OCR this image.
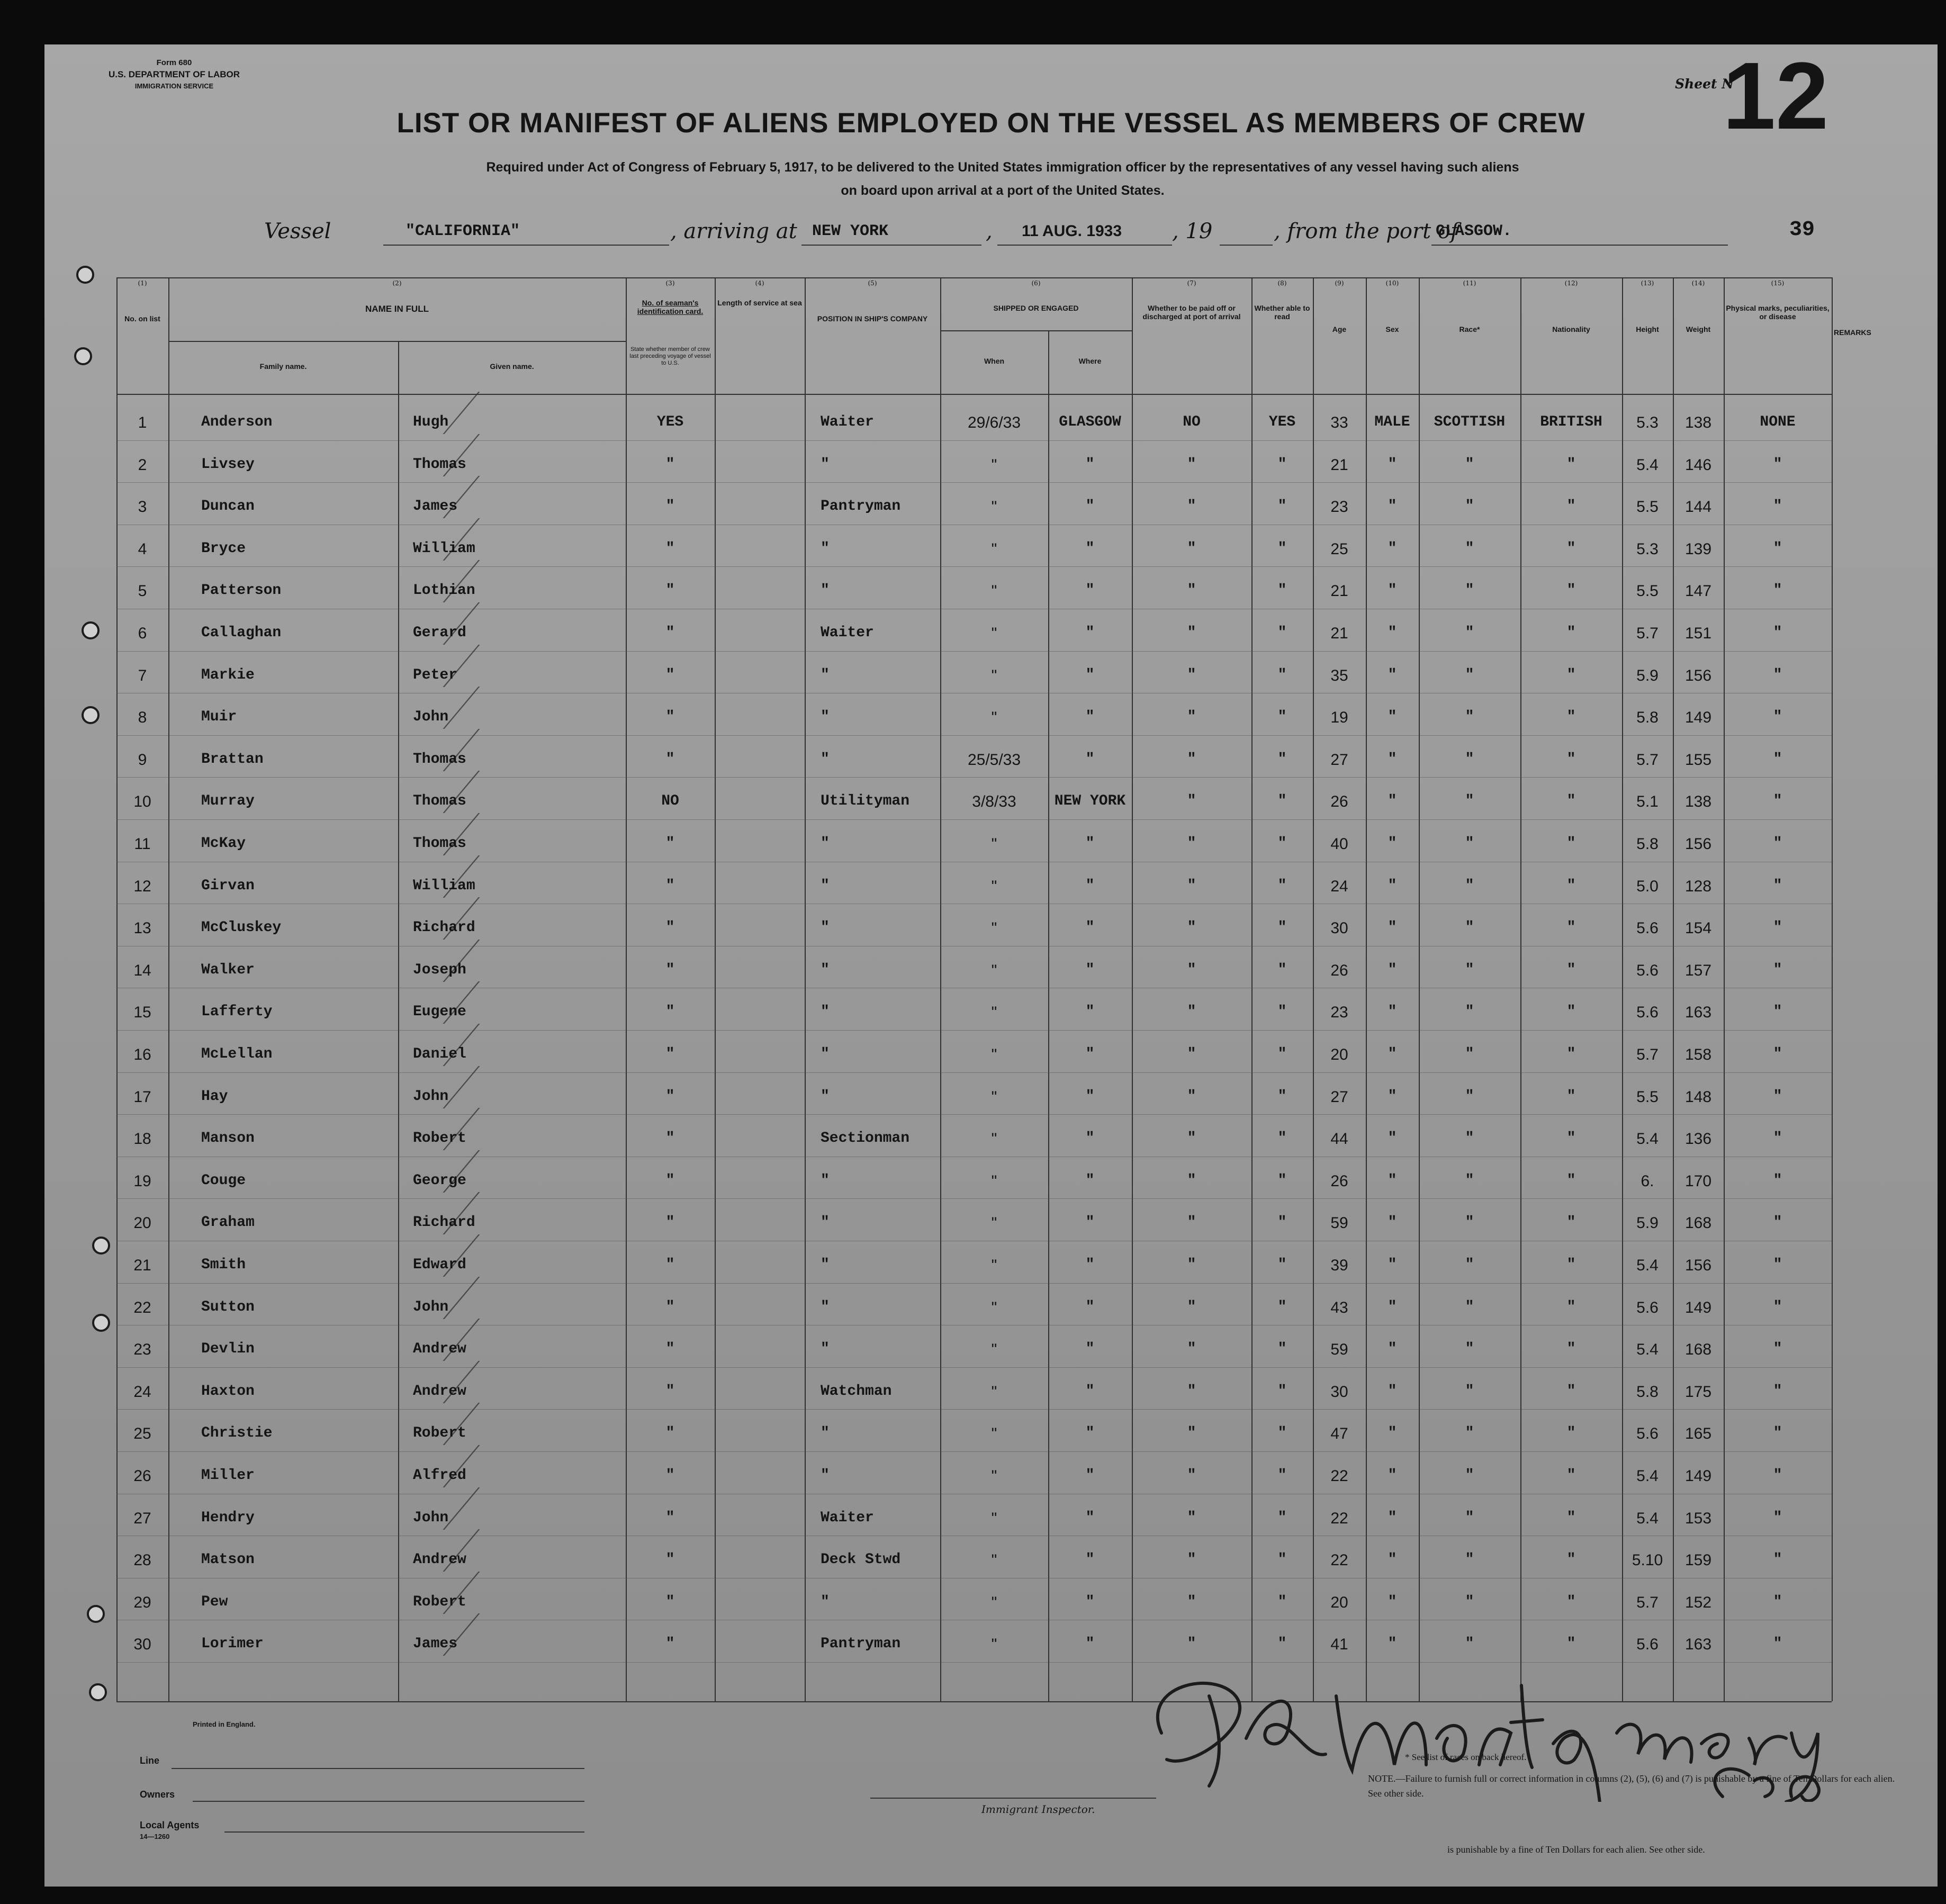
Form 680
U.S. DEPARTMENT OF LABOR
IMMIGRATION SERVICE	Sheet N
12
39
LIST OR MANIFEST OF ALIENS EMPLOYED ON THE VESSEL AS MEMBERS OF CREW
Required under Act of Congress of February 5, 1917, to be delivered to the United States immigration officer by the representatives of any vessel having such aliens
on board upon arrival at a port of the United States.
Vessel	"CALIFORNIA"	, arriving at NEW YORK	, 11 AUG. 1933 , 19	, from the port of
GLASGOW.
(1)	(2)	(3)	(4)	(5)	(6)	(7)	(8)	(9)	(10)	(11)	(12)	(13)	(14)	(15)
No. on list
NAME IN FULL
Family name.	Given name.
No. of seaman's identification card.
State whether member of crew last preceding voyage of vessel to U.S.
Length of service at sea
POSITION IN SHIP'S COMPANY
SHIPPED OR ENGAGED
When	Where
Whether to be paid off or discharged at port of arrival
Whether able to read
Age	Sex	Race*	Nationality	Height	Weight
Physical marks, peculiarities, or disease
REMARKS
1	Anderson	Hugh	YES	Waiter	29/6/33	GLASGOW	NO	YES	33	MALE	SCOTTISH	BRITISH	5.3	138	NONE
2	Livsey	Thomas	"	"	"	"	"	"	21	"	"	"	5.4	146	"
3	Duncan	James	"	Pantryman	"	"	"	"	23	"	"	"	5.5	144	"
4	Bryce	William	"	"	"	"	"	"	25	"	"	"	5.3	139	"
5	Patterson	Lothian	"	"	"	"	"	"	21	"	"	"	5.5	147	"
6	Callaghan	Gerard	"	Waiter	"	"	"	"	21	"	"	"	5.7	151	"
7	Markie	Peter	"	"	"	"	"	"	35	"	"	"	5.9	156	"
8	Muir	John	"	"	"	"	"	"	19	"	"	"	5.8	149	"
9	Brattan	Thomas	"	"	25/5/33	"	"	"	27	"	"	"	5.7	155	"
10	Murray	Thomas	NO	Utilityman	3/8/33	NEW YORK	"	"	26	"	"	"	5.1	138	"
11	McKay	Thomas	"	"	"	"	"	"	40	"	"	"	5.8	156	"
12	Girvan	William	"	"	"	"	"	"	24	"	"	"	5.0	128	"
13	McCluskey	Richard	"	"	"	"	"	"	30	"	"	"	5.6	154	"
14	Walker	Joseph	"	"	"	"	"	"	26	"	"	"	5.6	157	"
15	Lafferty	Eugene	"	"	"	"	"	"	23	"	"	"	5.6	163	"
16	McLellan	Daniel	"	"	"	"	"	"	20	"	"	"	5.7	158	"
17	Hay	John	"	"	"	"	"	"	27	"	"	"	5.5	148	"
18	Manson	Robert	"	Sectionman	"	"	"	"	44	"	"	"	5.4	136	"
19	Couge	George	"	"	"	"	"	"	26	"	"	"	6.	170	"
20	Graham	Richard	"	"	"	"	"	"	59	"	"	"	5.9	168	"
21	Smith	Edward	"	"	"	"	"	"	39	"	"	"	5.4	156	"
22	Sutton	John	"	"	"	"	"	"	43	"	"	"	5.6	149	"
23	Devlin	Andrew	"	"	"	"	"	"	59	"	"	"	5.4	168	"
24	Haxton	Andrew	"	Watchman	"	"	"	"	30	"	"	"	5.8	175	"
25	Christie	Robert	"	"	"	"	"	"	47	"	"	"	5.6	165	"
26	Miller	Alfred	"	"	"	"	"	"	22	"	"	"	5.4	149	"
27	Hendry	John	"	Waiter	"	"	"	"	22	"	"	"	5.4	153	"
28	Matson	Andrew	"	Deck Stwd	"	"	"	"	22	"	"	"	5.10	159	"
29	Pew	Robert	"	"	"	"	"	"	20	"	"	"	5.7	152	"
30	Lorimer	James	"	Pantryman	"	"	"	"	41	"	"	"	5.6	163	"
Printed in England.
Line
Owners
Local Agents
14—1260
Immigrant Inspector.
* See list of races on back hereof.
NOTE.—Failure to furnish full or correct information in columns (2), (5), (6) and (7) is punishable by a fine of Ten Dollars for each alien. See other side.
is punishable by a fine of Ten Dollars for each alien. See other side.
